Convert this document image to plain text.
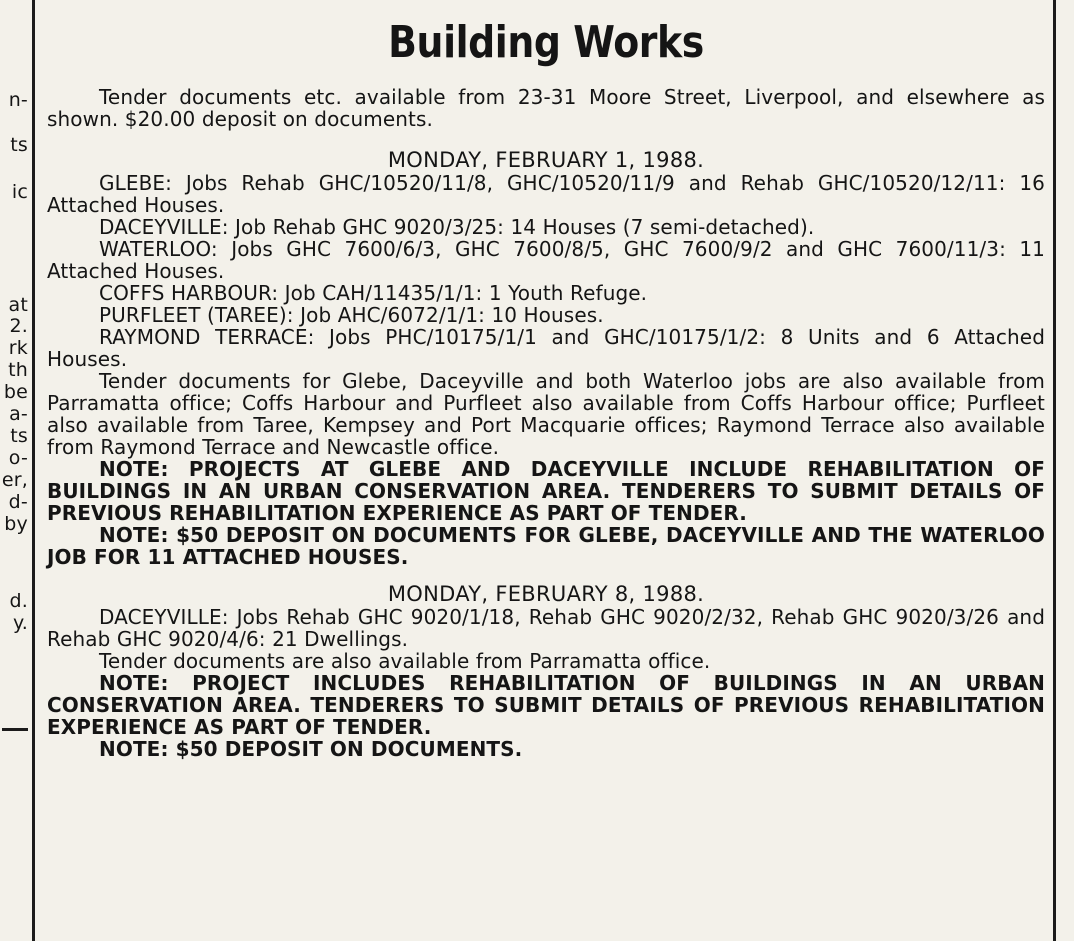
n-
ts
ic
at
2.
rk
th
be
a-
ts
o-
er,
d-
by
d.
y.
Building Works

Tender documents etc. available from 23-31 Moore Street, Liverpool, and elsewhere as shown. $20.00 deposit on documents.

MONDAY, FEBRUARY 1, 1988.

GLEBE: Jobs Rehab GHC/10520/11/8, GHC/10520/11/9 and Rehab GHC/10520/12/11: 16 Attached Houses.

DACEYVILLE: Job Rehab GHC 9020/3/25: 14 Houses (7 semi-detached).

WATERLOO: Jobs GHC 7600/6/3, GHC 7600/8/5, GHC 7600/9/2 and GHC 7600/11/3: 11 Attached Houses.

COFFS HARBOUR: Job CAH/11435/1/1: 1 Youth Refuge.

PURFLEET (TAREE): Job AHC/6072/1/1: 10 Houses.

RAYMOND TERRACE: Jobs PHC/10175/1/1 and GHC/10175/1/2: 8 Units and 6 Attached Houses.

Tender documents for Glebe, Daceyville and both Waterloo jobs are also available from Parramatta office; Coffs Harbour and Purfleet also available from Coffs Harbour office; Purfleet also available from Taree, Kempsey and Port Macquarie offices; Raymond Terrace also available from Raymond Terrace and Newcastle office.

NOTE: PROJECTS AT GLEBE AND DACEYVILLE INCLUDE REHABILITATION OF BUILDINGS IN AN URBAN CONSERVATION AREA. TENDERERS TO SUBMIT DETAILS OF PREVIOUS REHABILITATION EXPERIENCE AS PART OF TENDER.

NOTE: $50 DEPOSIT ON DOCUMENTS FOR GLEBE, DACEYVILLE AND THE WATERLOO JOB FOR 11 ATTACHED HOUSES.

MONDAY, FEBRUARY 8, 1988.

DACEYVILLE: Jobs Rehab GHC 9020/1/18, Rehab GHC 9020/2/32, Rehab GHC 9020/3/26 and Rehab GHC 9020/4/6: 21 Dwellings.

Tender documents are also available from Parramatta office.

NOTE: PROJECT INCLUDES REHABILITATION OF BUILDINGS IN AN URBAN CONSERVATION AREA. TENDERERS TO SUBMIT DETAILS OF PREVIOUS REHABILITATION EXPERIENCE AS PART OF TENDER.

NOTE: $50 DEPOSIT ON DOCUMENTS.
